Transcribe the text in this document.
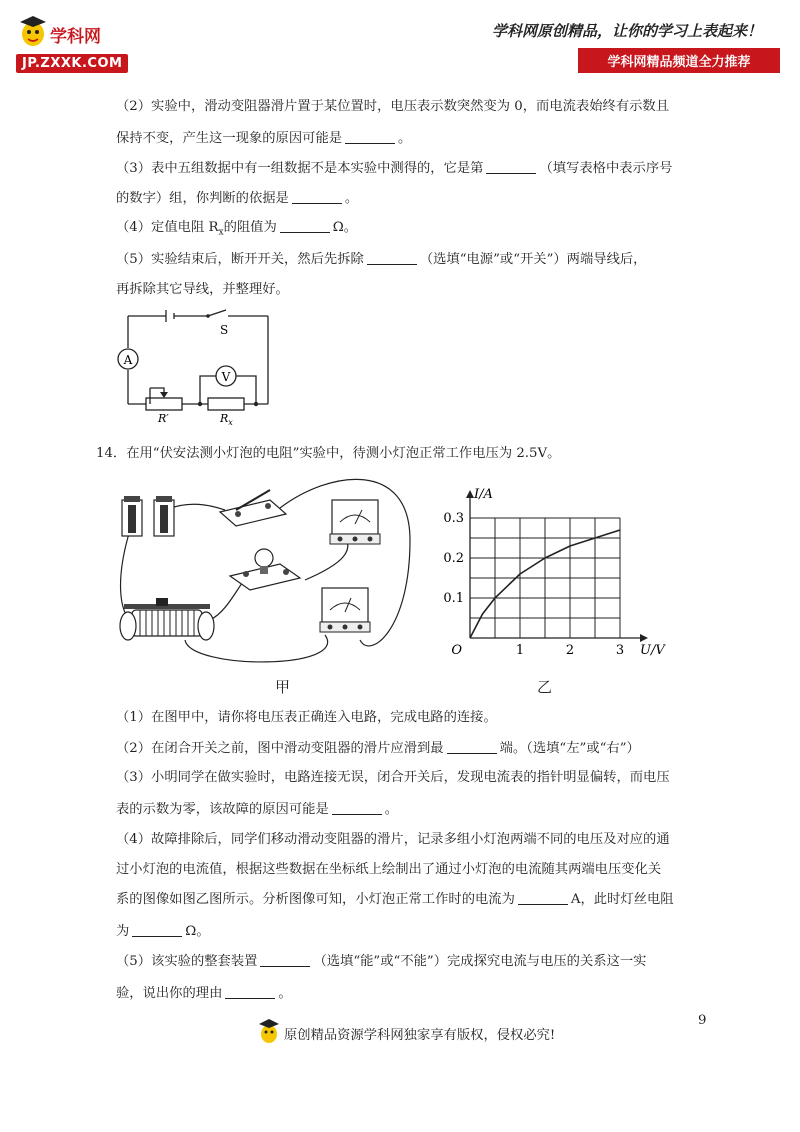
学科网
JP.ZXXK.COM
学科网原创精品，让你的学习上表起来！
学科网精品频道全力推荐
（2）实验中，滑动变阻器滑片置于某位置时，电压表示数突然变为 0，而电流表始终有示数且
保持不变，产生这一现象的原因可能是	。
（3）表中五组数据中有一组数据不是本实验中测得的，它是第	（填写表格中表示序号
的数字）组，你判断的依据是	。
（4）定值电阻 $R_x$的阻值为	Ω。
（5）实验结束后，断开开关，然后先拆除	（选填“电源”或“开关”）两端导线后，
再拆除其它导线，并整理好。
A
V
S
R′	$R_x$
14．在用“伏安法测小灯泡的电阻”实验中，待测小灯泡正常工作电压为 2.5V。
甲
1	2	3
0.1
0.2
0.3
O	U/V
I/A
乙
（1）在图甲中，请你将电压表正确连入电路，完成电路的连接。
（2）在闭合开关之前，图中滑动变阻器的滑片应滑到最	端。（选填“左”或“右”）
（3）小明同学在做实验时，电路连接无误，闭合开关后，发现电流表的指针明显偏转，而电压
表的示数为零，该故障的原因可能是	。
（4）故障排除后，同学们移动滑动变阻器的滑片，记录多组小灯泡两端不同的电压及对应的通
过小灯泡的电流值，根据这些数据在坐标纸上绘制出了通过小灯泡的电流随其两端电压变化关
系的图像如图乙图所示。分析图像可知，小灯泡正常工作时的电流为	A，此时灯丝电阻
为	Ω。
（5）该实验的整套装置	（选填“能”或“不能”）完成探究电流与电压的关系这一实
验，说出你的理由	。
9
原创精品资源学科网独家享有版权，侵权必究!
